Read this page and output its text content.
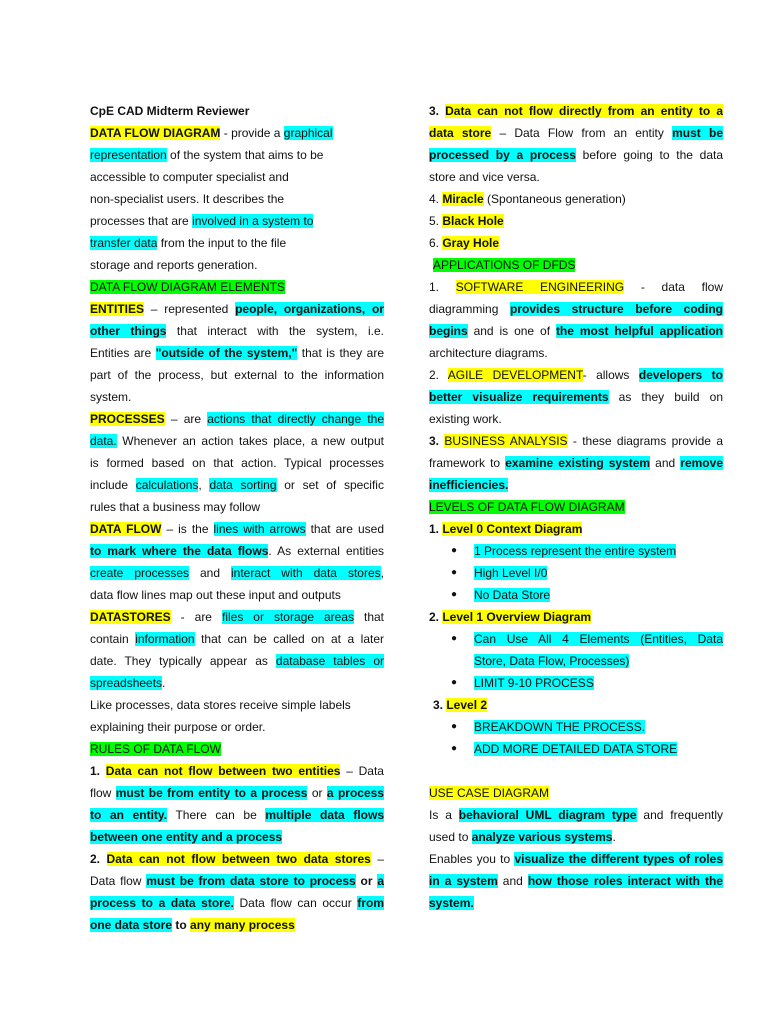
CpE CAD Midterm Reviewer
DATA FLOW DIAGRAM - provide a graphical
representation of the system that aims to be
accessible to computer specialist and
non-specialist users. It describes the
processes that are involved in a system to
transfer data from the input to the file
storage and reports generation.
DATA FLOW DIAGRAM ELEMENTS
ENTITIES – represented people, organizations, or
other things that interact with the system, i.e.
Entities are "outside of the system," that is they are
part of the process, but external to the information
system.
PROCESSES – are actions that directly change the
data. Whenever an action takes place, a new output
is formed based on that action. Typical processes
include calculations, data sorting or set of specific
rules that a business may follow
DATA FLOW – is the lines with arrows that are used
to mark where the data flows. As external entities
create processes and interact with data stores,
data flow lines map out these input and outputs
DATASTORES - are files or storage areas that
contain information that can be called on at a later
date. They typically appear as database tables or
spreadsheets.
Like processes, data stores receive simple labels
explaining their purpose or order.
RULES OF DATA FLOW
1. Data can not flow between two entities – Data
flow must be from entity to a process or a process
to an entity. There can be multiple data flows
between one entity and a process
2. Data can not flow between two data stores –
Data flow must be from data store to process or a
process to a data store. Data flow can occur from
one data store to any many process
3. Data can not flow directly from an entity to a
data store – Data Flow from an entity must be
processed by a process before going to the data
store and vice versa.
4. Miracle (Spontaneous generation)
5. Black Hole
6. Gray Hole
APPLICATIONS OF DFDS
1. SOFTWARE ENGINEERING - data flow
diagramming provides structure before coding
begins and is one of the most helpful application
architecture diagrams.
2. AGILE DEVELOPMENT- allows developers to
better visualize requirements as they build on
existing work.
3. BUSINESS ANALYSIS - these diagrams provide a
framework to examine existing system and remove
inefficiencies.
LEVELS OF DATA FLOW DIAGRAM
1. Level 0 Context Diagram
● 1 Process represent the entire system
● High Level I/0
● No Data Store
2. Level 1 Overview Diagram
● Can Use All 4 Elements (Entities, Data
Store, Data Flow, Processes)
● LIMIT 9-10 PROCESS
3. Level 2
● BREAKDOWN THE PROCESS.
● ADD MORE DETAILED DATA STORE
USE CASE DIAGRAM
Is a behavioral UML diagram type and frequently
used to analyze various systems.
Enables you to visualize the different types of roles
in a system and how those roles interact with the
system.
